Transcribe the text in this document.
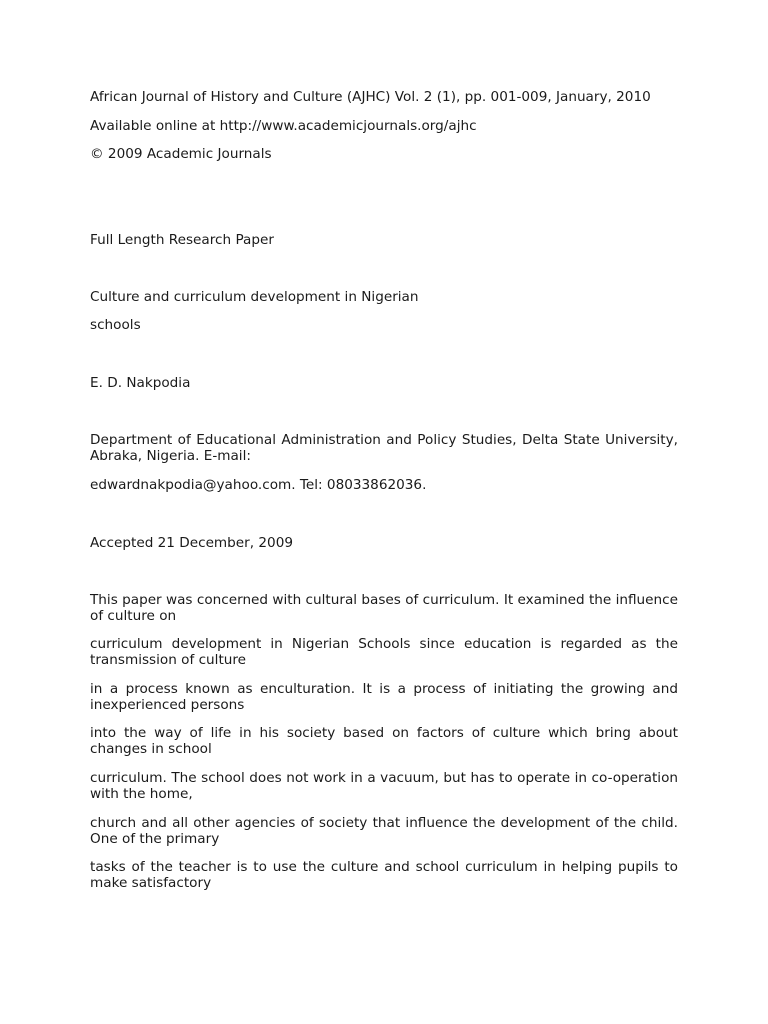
African Journal of History and Culture (AJHC) Vol. 2 (1), pp. 001-009, January, 2010
Available online at http://www.academicjournals.org/ajhc
© 2009 Academic Journals
Full Length Research Paper
Culture and curriculum development in Nigerian
schools
E. D. Nakpodia
Department of Educational Administration and Policy Studies, Delta State University, Abraka, Nigeria. E-mail:
edwardnakpodia@yahoo.com. Tel: 08033862036.
Accepted 21 December, 2009
This paper was concerned with cultural bases of curriculum. It examined the influence of culture on
curriculum development in Nigerian Schools since education is regarded as the transmission of culture
in a process known as enculturation. It is a process of initiating the growing and inexperienced persons
into the way of life in his society based on factors of culture which bring about changes in school
curriculum. The school does not work in a vacuum, but has to operate in co-operation with the home,
church and all other agencies of society that influence the development of the child. One of the primary
tasks of the teacher is to use the culture and school curriculum in helping pupils to make satisfactory
